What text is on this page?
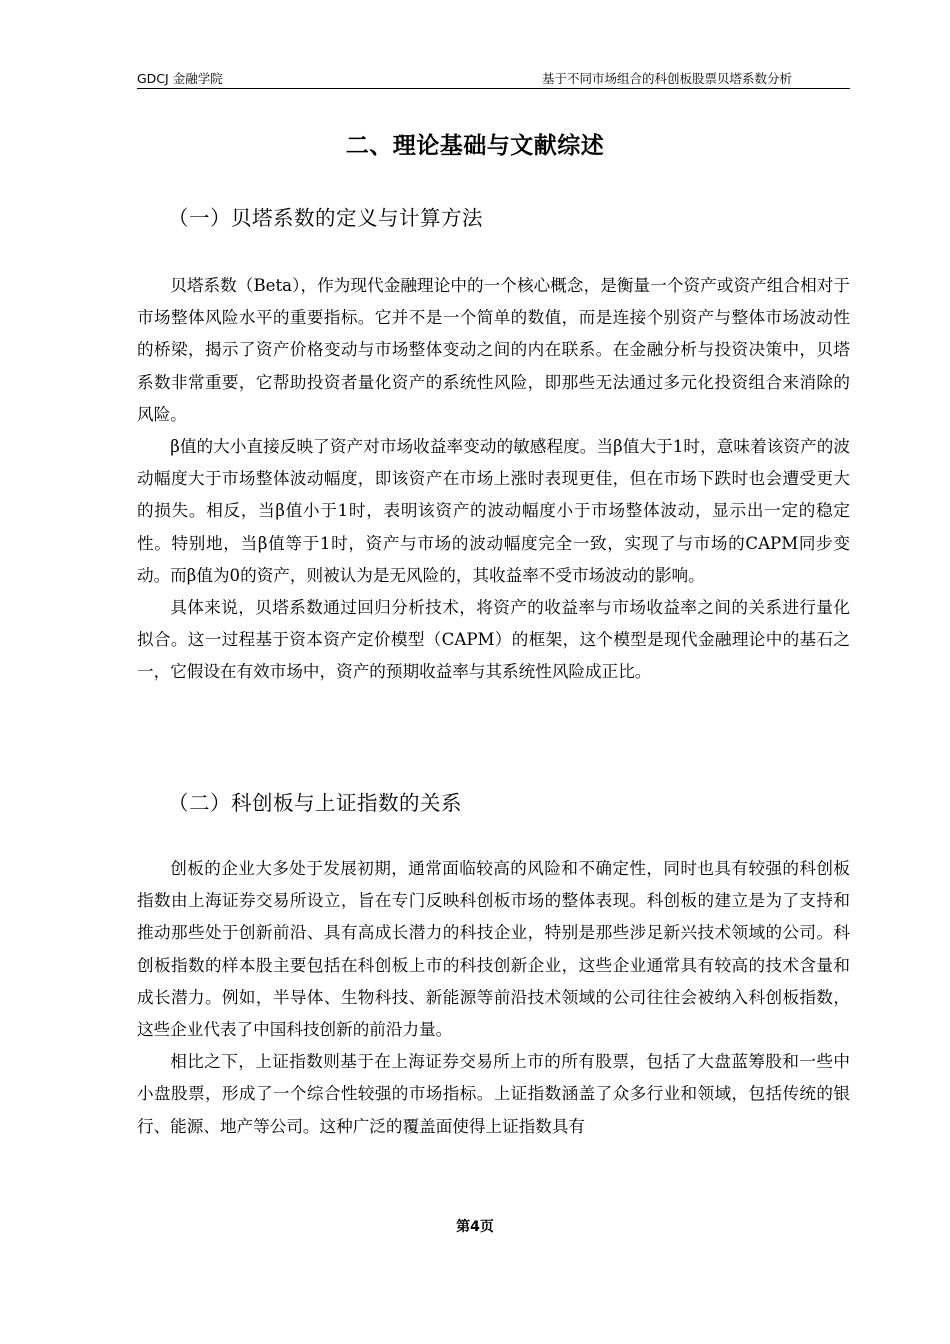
GDCJ 金融学院	基于不同市场组合的科创板股票贝塔系数分析
二、理论基础与文献综述
（一）贝塔系数的定义与计算方法

贝塔系数（Beta），作为现代金融理论中的一个核心概念，是衡量一个资产或资产组合相对于市场整体风险水平的重要指标。它并不是一个简单的数值，而是连接个别资产与整体市场波动性的桥梁，揭示了资产价格变动与市场整体变动之间的内在联系。在金融分析与投资决策中，贝塔系数非常重要，它帮助投资者量化资产的系统性风险，即那些无法通过多元化投资组合来消除的风险。

β值的大小直接反映了资产对市场收益率变动的敏感程度。当β值大于1时，意味着该资产的波动幅度大于市场整体波动幅度，即该资产在市场上涨时表现更佳，但在市场下跌时也会遭受更大的损失。相反，当β值小于1时，表明该资产的波动幅度小于市场整体波动，显示出一定的稳定性。特别地，当β值等于1时，资产与市场的波动幅度完全一致，实现了与市场的CAPM同步变动。而β值为0的资产，则被认为是无风险的，其收益率不受市场波动的影响。

具体来说，贝塔系数通过回归分析技术，将资产的收益率与市场收益率之间的关系进行量化拟合。这一过程基于资本资产定价模型（CAPM）的框架，这个模型是现代金融理论中的基石之一，它假设在有效市场中，资产的预期收益率与其系统性风险成正比。

（二）科创板与上证指数的关系

创板的企业大多处于发展初期，通常面临较高的风险和不确定性，同时也具有较强的科创板指数由上海证券交易所设立，旨在专门反映科创板市场的整体表现。科创板的建立是为了支持和推动那些处于创新前沿、具有高成长潜力的科技企业，特别是那些涉足新兴技术领域的公司。科创板指数的样本股主要包括在科创板上市的科技创新企业，这些企业通常具有较高的技术含量和成长潜力。例如，半导体、生物科技、新能源等前沿技术领域的公司往往会被纳入科创板指数，这些企业代表了中国科技创新的前沿力量。

相比之下，上证指数则基于在上海证券交易所上市的所有股票，包括了大盘蓝筹股和一些中小盘股票，形成了一个综合性较强的市场指标。上证指数涵盖了众多行业和领域，包括传统的银行、能源、地产等公司。这种广泛的覆盖面使得上证指数具有

第4页
